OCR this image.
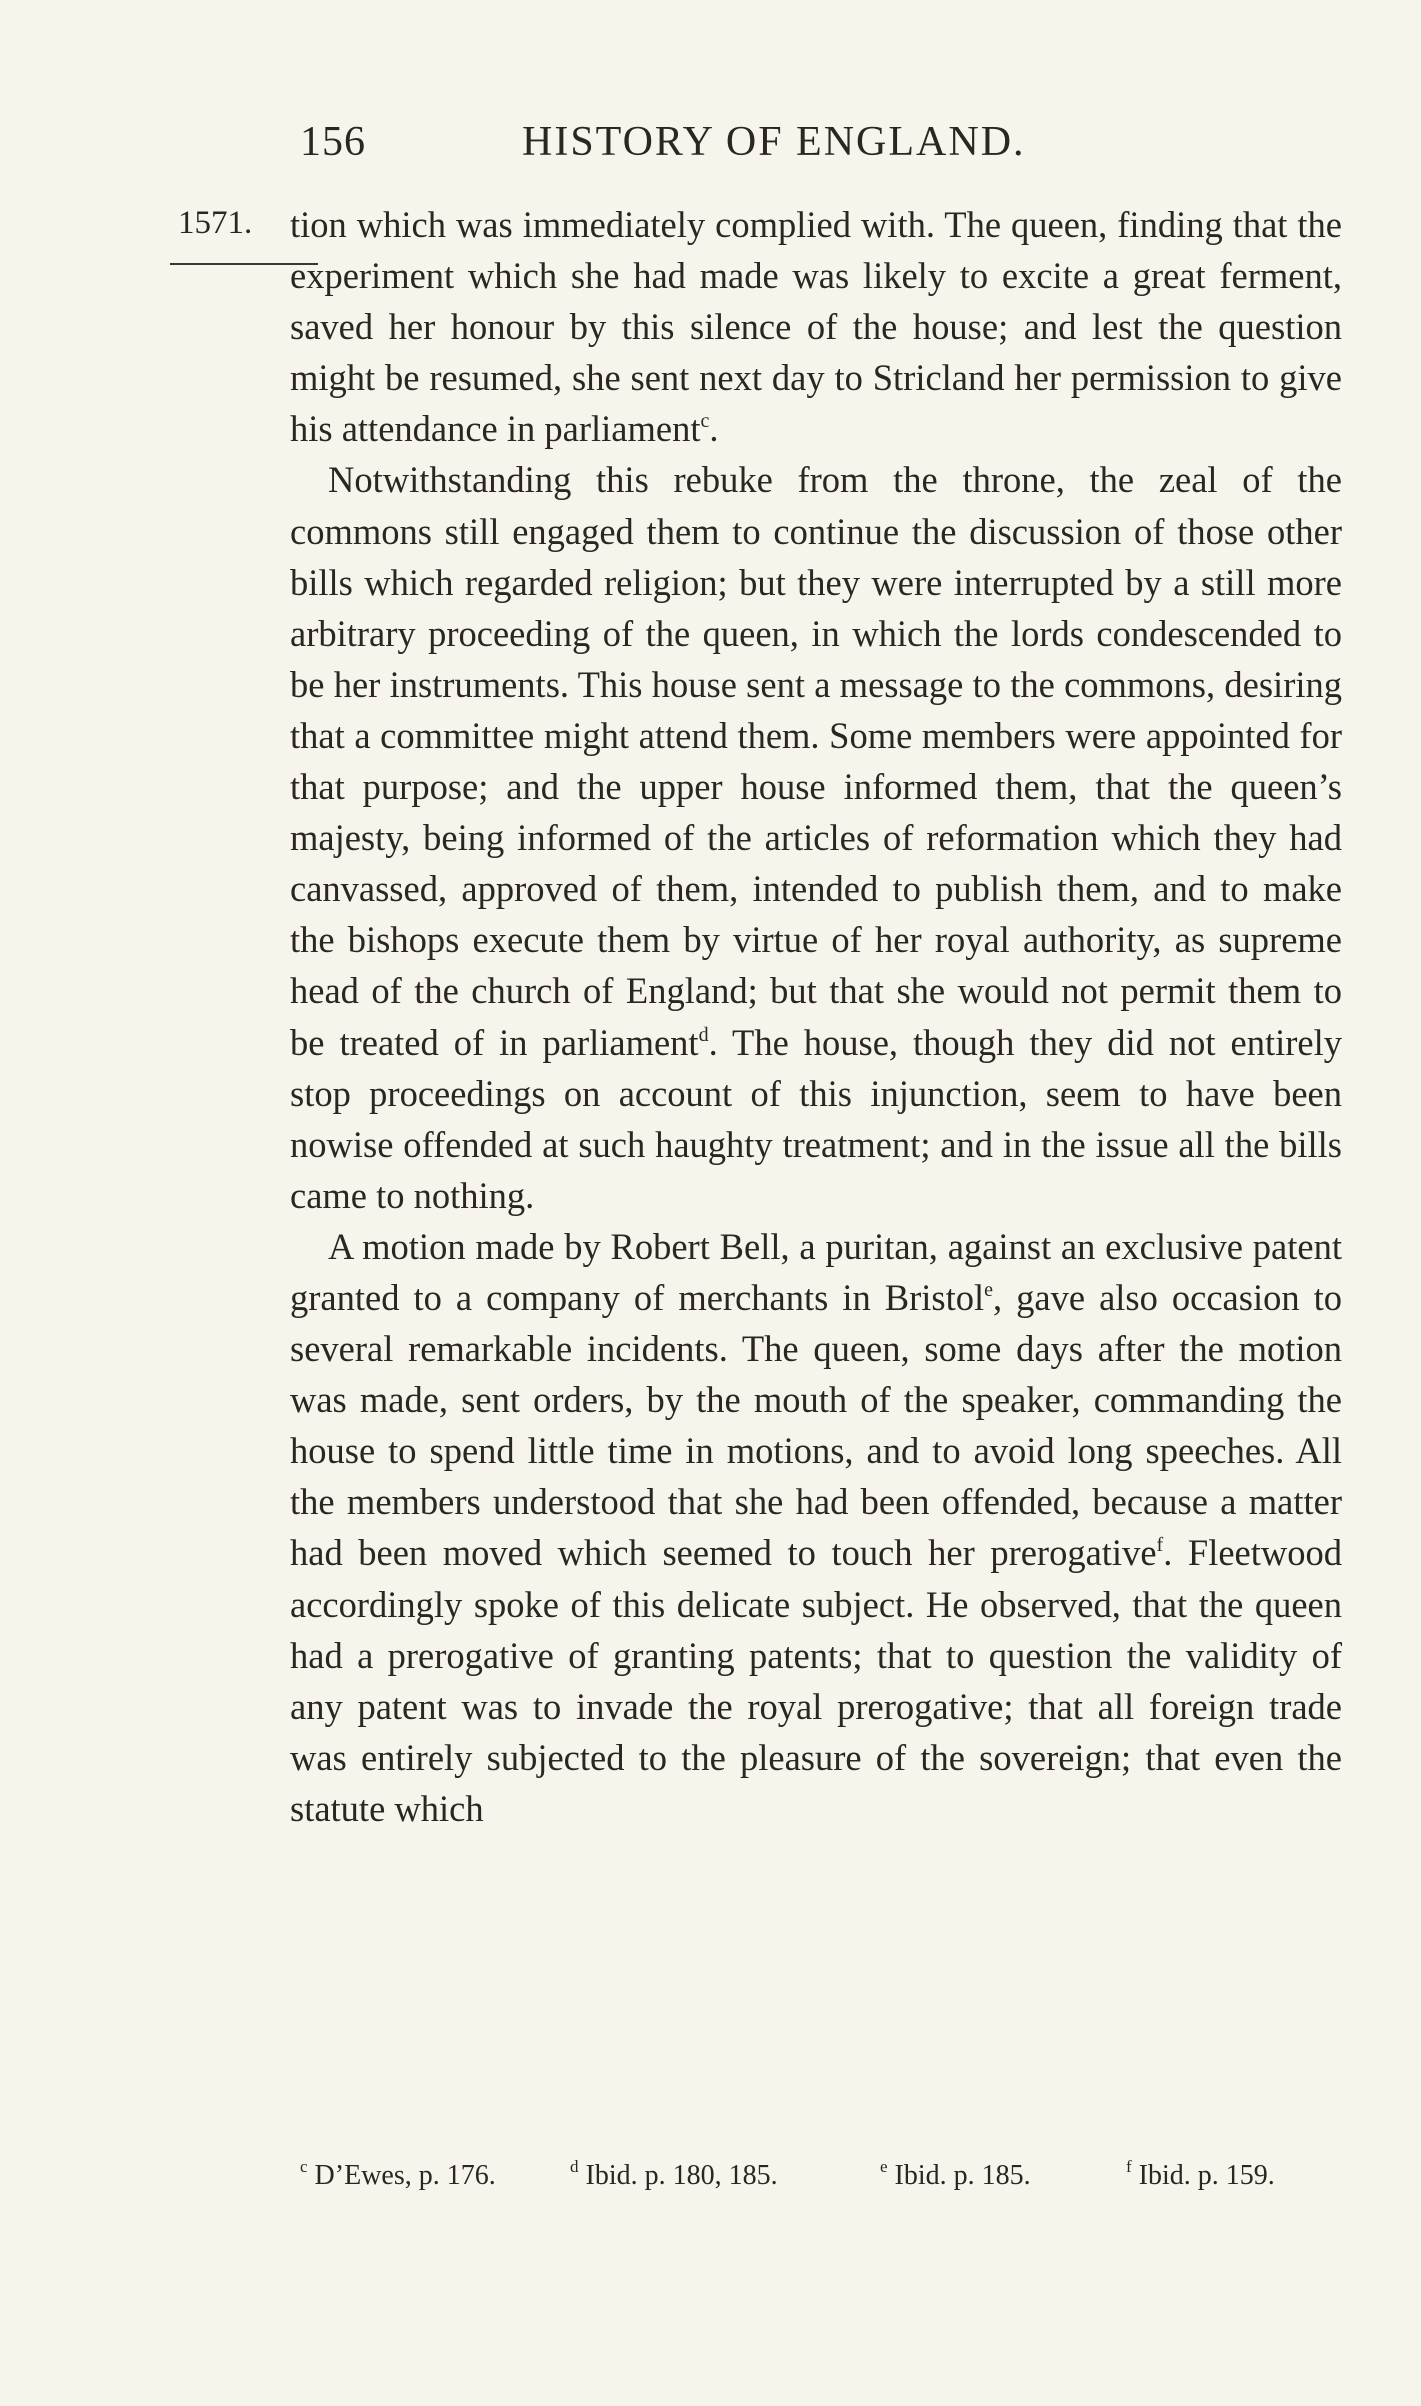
156	HISTORY OF ENGLAND.
1571. tion which was immediately complied with. The queen, finding that the experiment which she had made was likely to excite a great ferment, saved her honour by this silence of the house; and lest the question might be resumed, she sent next day to Stricland her permission to give his attendance in parliament$^c$.

Notwithstanding this rebuke from the throne, the zeal of the commons still engaged them to continue the discussion of those other bills which regarded religion; but they were interrupted by a still more arbitrary proceeding of the queen, in which the lords condescended to be her instruments. This house sent a message to the commons, desiring that a committee might attend them. Some members were appointed for that purpose; and the upper house informed them, that the queen’s majesty, being informed of the articles of reformation which they had canvassed, approved of them, intended to publish them, and to make the bishops execute them by virtue of her royal authority, as supreme head of the church of England; but that she would not permit them to be treated of in parliament$^d$. The house, though they did not entirely stop proceedings on account of this injunction, seem to have been nowise offended at such haughty treatment; and in the issue all the bills came to nothing.

A motion made by Robert Bell, a puritan, against an exclusive patent granted to a company of merchants in Bristol$^e$, gave also occasion to several remarkable incidents. The queen, some days after the motion was made, sent orders, by the mouth of the speaker, commanding the house to spend little time in motions, and to avoid long speeches. All the members understood that she had been offended, because a matter had been moved which seemed to touch her prerogative$^f$. Fleetwood accordingly spoke of this delicate subject. He observed, that the queen had a prerogative of granting patents; that to question the validity of any patent was to invade the royal prerogative; that all foreign trade was entirely subjected to the pleasure of the sovereign; that even the statute which

$^c$ D’Ewes, p. 176.	$^d$ Ibid. p. 180, 185.	$^e$ Ibid. p. 185.	$^f$ Ibid. p. 159.
